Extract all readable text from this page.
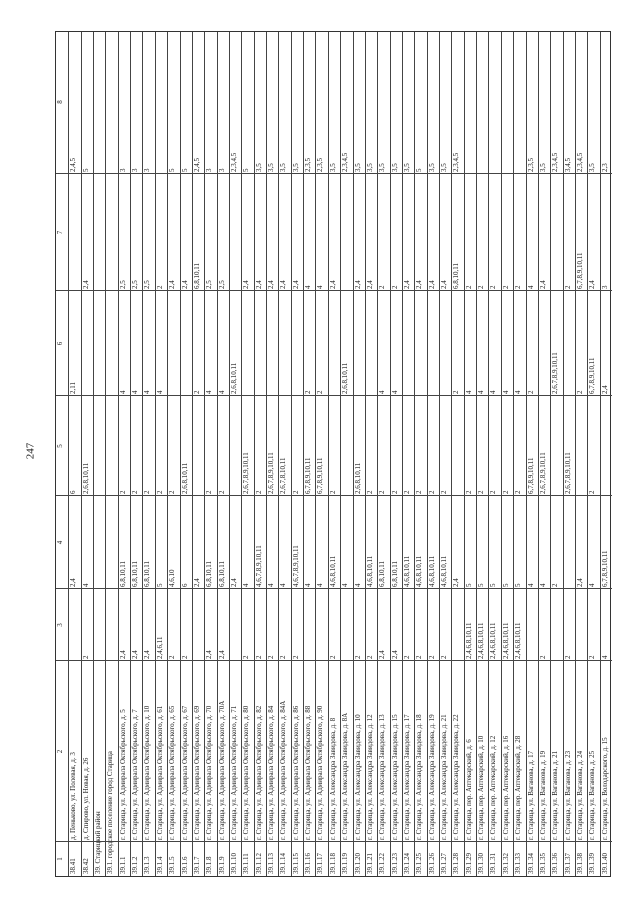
247
1
2
3
4
5
6
7
8
38.41
д. Пеньково, ул. Полевая, д. 3
2,4
6
2,11
2,4,5
38.42
д. Спирово, ул. Новая, д. 26
2
4
2,6,8,10,11
2,4
5
39. Старицкий район 39.1. городское поселение город Старица 39.1.1
г. Старица, ул. Адмирала Октябрьского, д. 5
2,4
6,8,10,11
2
4
2,5
3
39.1.2
г. Старица, ул. Адмирала Октябрьского, д. 7
2,4
6,8,10,11
2
4
2,5
3
39.1.3
г. Старица, ул. Адмирала Октябрьского, д. 10
2,4
6,8,10,11
2
4
2,5
3
39.1.4
г. Старица, ул. Адмирала Октябрьского, д. 61
2,4,6,11
5
2
4
2
39.1.5
г. Старица, ул. Адмирала Октябрьского, д. 65
2
4,6,10
2
2,4
5
39.1.6
г. Старица, ул. Адмирала Октябрьского, д. 67
2
6
2,6,8,10,11
2,4
5
39.1.7
г. Старица, ул. Адмирала Октябрьского, д. 69
2,4
2
6,8,10,11
2,4,5
39.1.8
г. Старица, ул. Адмирала Октябрьского, д. 70
2,4
6,8,10,11
2
4
2,5
3
39.1.9
г. Старица, ул. Адмирала Октябрьского, д. 70А
2,4
6,8,10,11
2
4
2,5
3
39.1.10
г. Старица, ул. Адмирала Октябрьского, д. 71
2,4
2,6,8,10,11
2,3,4,5
39.1.11
г. Старица, ул. Адмирала Октябрьского, д. 80
2
4
2,6,7,8,9,10,11
2,4
5
39.1.12
г. Старица, ул. Адмирала Октябрьского, д. 82
2
4,6,7,8,9,10,11
2
2,4
3,5
39.1.13
г. Старица, ул. Адмирала Октябрьского, д. 84
2
4
2,6,7,8,9,10,11
2,4
3,5
39.1.14
г. Старица, ул. Адмирала Октябрьского, д. 84А
2
4
2,6,7,8,10,11
2,4
3,5
39.1.15
г. Старица, ул. Адмирала Октябрьского, д. 86
2
4,6,7,8,9,10,11
2
2,4
3,5
39.1.16
г. Старица, ул. Адмирала Октябрьского, д. 88
4
6,7,8,9,10,11
2
4
2,3,5
39.1.17
г. Старица, ул. Адмирала Октябрьского, д. 90
4
6,7,8,9,10,11
2
4
2,3,5
39.1.18
г. Старица, ул. Александра Завидова, д. 8
2
4,6,8,10,11
2
2,4
3,5
39.1.19
г. Старица, ул. Александра Завидова, д. 8А
4
2,6,8,10,11
2,3,4,5
39.1.20
г. Старица, ул. Александра Завидова, д. 10
2
4
2,6,8,10,11
2,4
3,5
39.1.21
г. Старица, ул. Александра Завидова, д. 12
2
4,6,8,10,11
2
2,4
3,5
39.1.22
г. Старица, ул. Александра Завидова, д. 13
2,4
6,8,10,11
2
4
2
3,5
39.1.23
г. Старица, ул. Александра Завидова, д. 15
2,4
6,8,10,11
2
4
2
3,5
39.1.24
г. Старица, ул. Александра Завидова, д. 17
2
4,6,8,10,11
2
2,4
3,5
39.1.25
г. Старица, ул. Александра Завидова, д. 18
2
4,6,8,10,11
2
2,4
5
39.1.26
г. Старица, ул. Александра Завидова, д. 19
2
4,6,8,10,11
2
2,4
3,5
39.1.27
г. Старица, ул. Александра Завидова, д. 21
2
4,6,8,10,11
2
2,4
3,5
39.1.28
г. Старица, ул. Александра Завидова, д. 22
2,4
2
6,8,10,11
2,3,4,5
39.1.29
г. Старица, пер. Аптекарский, д. 6
2,4,6,8,10,11
5
2
4
2
39.1.30
г. Старица, пер. Аптекарский, д. 10
2,4,6,8,10,11
5
2
4
2
39.1.31
г. Старица, пер. Аптекарский, д. 12
2,4,6,8,10,11
5
2
4
2
39.1.32
г. Старица, пер. Аптекарский, д. 16
2,4,6,8,10,11
5
2
4
2
39.1.33
г. Старица, пер. Аптекарский, д. 28
2,4,6,8,10,11
5
2
4
2
39.1.34
г. Старица, ул. Ваганова, д. 17
4
6,7,8,9,10,11
2
4
2,3,5
39.1.35
г. Старица, ул. Ваганова, д. 19
2
4
2,6,7,8,9,10,11
2,4
3,5
39.1.36
г. Старица, ул. Ваганова, д. 21
2
2,6,7,8,9,10,11
2,3,4,5
39.1.37
г. Старица, ул. Ваганова, д. 23
2
2,6,7,8,9,10,11
2
3,4,5
39.1.38
г. Старица, ул. Ваганова, д. 24
2,4
2
6,7,8,9,10,11
2,3,4,5
39.1.39
г. Старица, ул. Ваганова, д. 25
2
4
2
6,7,8,9,10,11
2,4
3,5
39.1.40
г. Старица, ул. Володарского, д. 15
4
6,7,8,9,10,11
2,4
3
2,3
